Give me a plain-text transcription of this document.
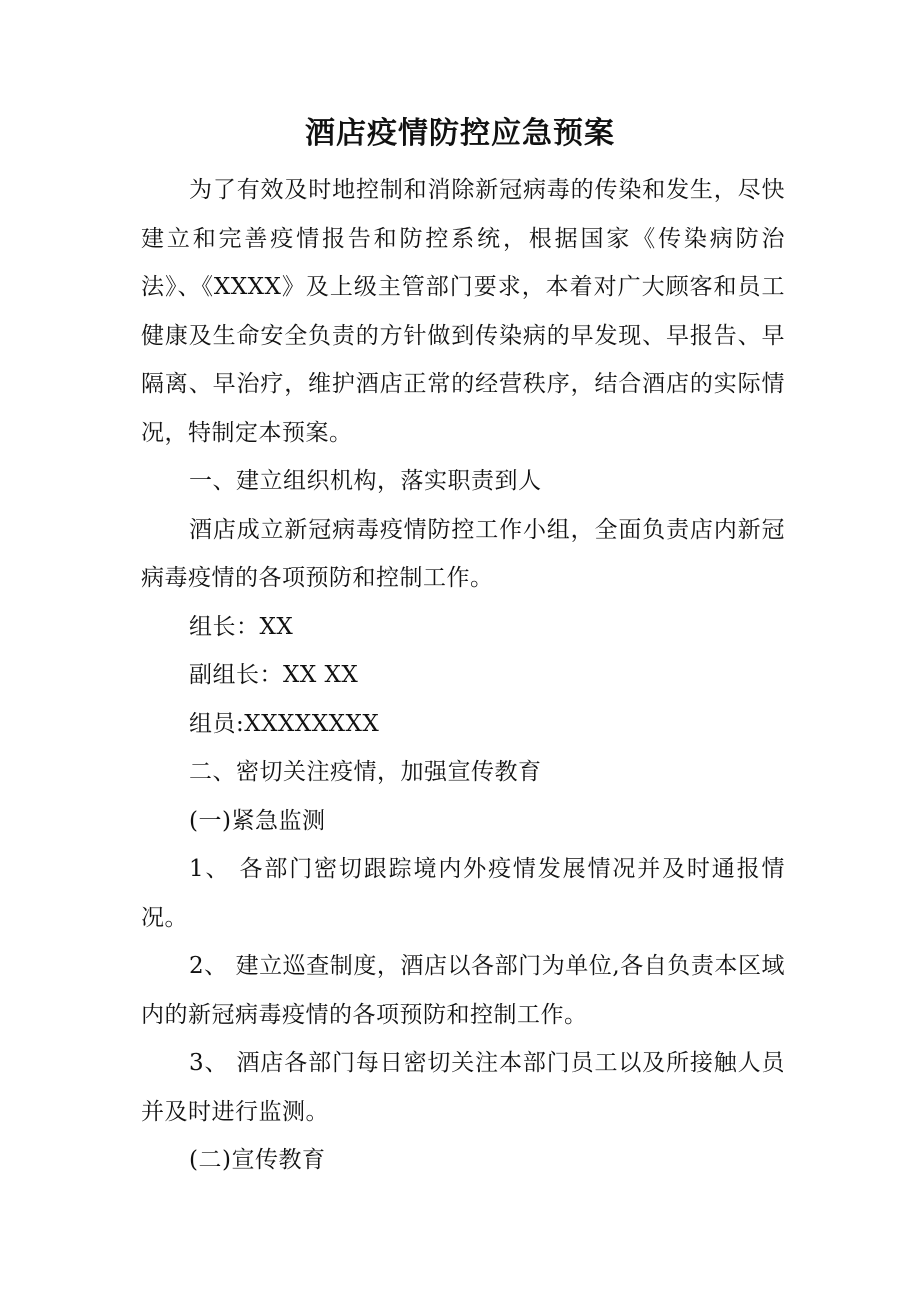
酒店疫情防控应急预案

为了有效及时地控制和消除新冠病毒的传染和发生，尽快建立和完善疫情报告和防控系统，根据国家《传染病防治法》、《XXXX》及上级主管部门要求，本着对广大顾客和员工健康及生命安全负责的方针做到传染病的早发现、早报告、早隔离、早治疗，维护酒店正常的经营秩序，结合酒店的实际情况，特制定本预案。

一、建立组织机构，落实职责到人

酒店成立新冠病毒疫情防控工作小组，全面负责店内新冠病毒疫情的各项预防和控制工作。

组长：XX

副组长：XX XX

组员:XXXXXXXX

二、密切关注疫情，加强宣传教育

(一)紧急监测

1、 各部门密切跟踪境内外疫情发展情况并及时通报情况。

2、 建立巡查制度，酒店以各部门为单位,各自负责本区域内的新冠病毒疫情的各项预防和控制工作。

3、 酒店各部门每日密切关注本部门员工以及所接触人员并及时进行监测。

(二)宣传教育
